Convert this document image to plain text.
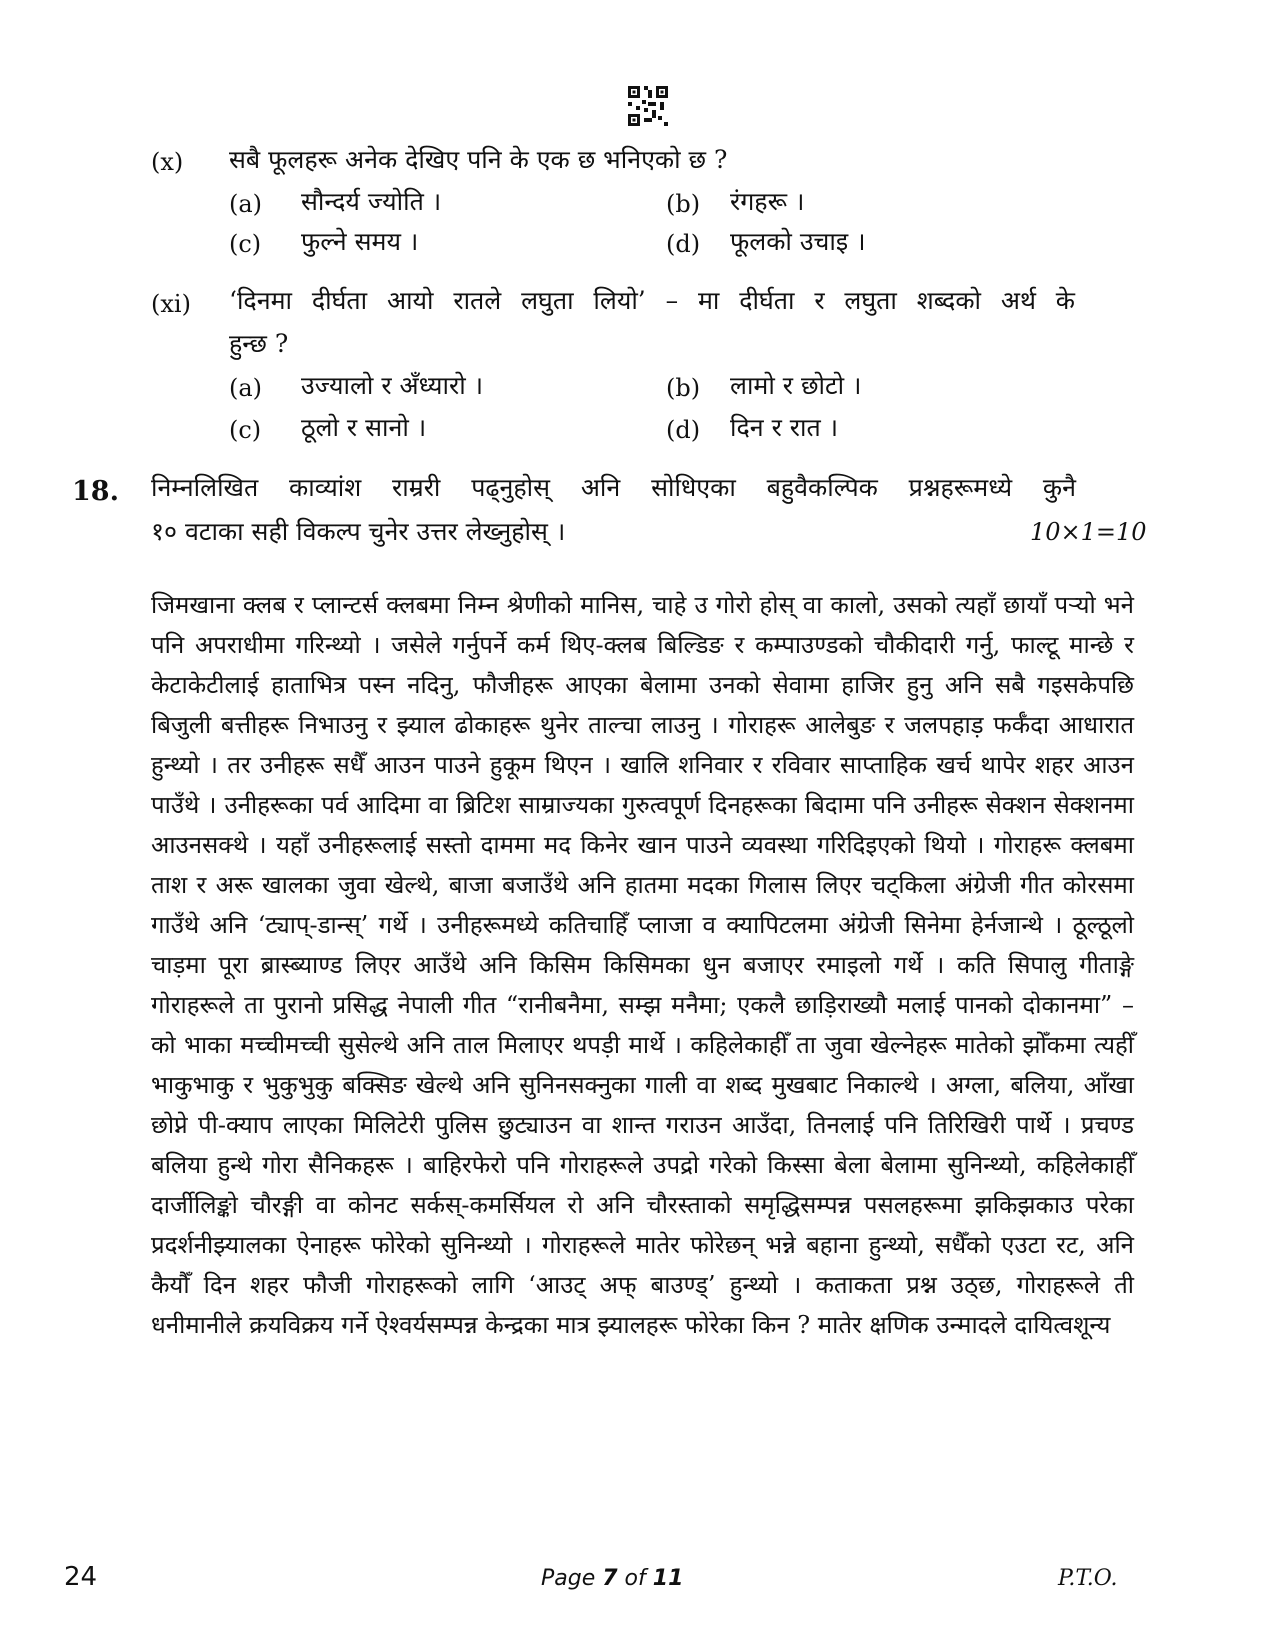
(x) सबै फूलहरू अनेक देखिए पनि के एक छ भनिएको छ ?
(a) सौन्दर्य ज्योति ।	(b) रंगहरू ।
(c) फुल्ने समय ।	(d) फूलको उचाइ ।
(xi) ‘दिनमा दीर्घता आयो रातले लघुता लियो’ – मा दीर्घता र लघुता शब्दको अर्थ के
हुन्छ ?
(a) उज्यालो र अँध्यारो ।	(b) लामो र छोटो ।
(c) ठूलो र सानो ।	(d) दिन र रात ।
18. निम्नलिखित काव्यांश राम्ररी पढ्नुहोस् अनि सोधिएका बहुवैकल्पिक प्रश्नहरूमध्ये कुनै
१० वटाका सही विकल्प चुनेर उत्तर लेख्नुहोस् ।	10×1=10

जिमखाना क्लब र प्लान्टर्स क्लबमा निम्न श्रेणीको मानिस, चाहे उ गोरो होस् वा कालो, उसको त्यहाँ छायाँ पऱ्यो भने पनि अपराधीमा गरिन्थ्यो । जसेले गर्नुपर्ने कर्म थिए-क्लब बिल्डिङ र कम्पाउण्डको चौकीदारी गर्नु, फाल्टू मान्छे र केटाकेटीलाई हाताभित्र पस्न नदिनु, फौजीहरू आएका बेलामा उनको सेवामा हाजिर हुनु अनि सबै गइसकेपछि बिजुली बत्तीहरू निभाउनु र झ्याल ढोकाहरू थुनेर ताल्चा लाउनु । गोराहरू आलेबुङ र जलपहाड़ फर्कँदा आधारात हुन्थ्यो । तर उनीहरू सधैँ आउन पाउने हुकूम थिएन । खालि शनिवार र रविवार साप्ताहिक खर्च थापेर शहर आउन पाउँथे । उनीहरूका पर्व आदिमा वा ब्रिटिश साम्राज्यका गुरुत्वपूर्ण दिनहरूका बिदामा पनि उनीहरू सेक्शन सेक्शनमा आउनसक्थे । यहाँ उनीहरूलाई सस्तो दाममा मद किनेर खान पाउने व्यवस्था गरिदिइएको थियो । गोराहरू क्लबमा ताश र अरू खालका जुवा खेल्थे, बाजा बजाउँथे अनि हातमा मदका गिलास लिएर चट्किला अंग्रेजी गीत कोरसमा गाउँथे अनि ‘ट्याप्-डान्स्’ गर्थे । उनीहरूमध्ये कतिचाहिँ प्लाजा व क्यापिटलमा अंग्रेजी सिनेमा हेर्नजान्थे । ठूल्ठूलो चाड़मा पूरा ब्रास्ब्याण्ड लिएर आउँथे अनि किसिम किसिमका धुन बजाएर रमाइलो गर्थे । कति सिपालु गीताङ्गे गोराहरूले ता पुरानो प्रसिद्ध नेपाली गीत “रानीबनैमा, सम्झ मनैमा; एकलै छाड़िराख्यौ मलाई पानको दोकानमा” – को भाका मच्चीमच्ची सुसेल्थे अनि ताल मिलाएर थपड़ी मार्थे । कहिलेकाहीँ ता जुवा खेल्नेहरू मातेको झोँकमा त्यहीँ भाकुभाकु र भुकुभुकु बक्सिङ खेल्थे अनि सुनिनसक्नुका गाली वा शब्द मुखबाट निकाल्थे । अग्ला, बलिया, आँखा छोप्ने पी-क्याप लाएका मिलिटेरी पुलिस छुट्याउन वा शान्त गराउन आउँदा, तिनलाई पनि तिरिखिरी पार्थे । प्रचण्ड बलिया हुन्थे गोरा सैनिकहरू । बाहिरफेरो पनि गोराहरूले उपद्रो गरेको किस्सा बेला बेलामा सुनिन्थ्यो, कहिलेकाहीँ दार्जीलिङ्को चौरङ्गी वा कोनट सर्कस्-कमर्सियल रो अनि चौरस्ताको समृद्धिसम्पन्न पसलहरूमा झकिझकाउ परेका प्रदर्शनीझ्यालका ऐनाहरू फोरेको सुनिन्थ्यो । गोराहरूले मातेर फोरेछन् भन्ने बहाना हुन्थ्यो, सधैँको एउटा रट, अनि कैयौँ दिन शहर फौजी गोराहरूको लागि ‘आउट् अफ् बाउण्ड्’ हुन्थ्यो । कताकता प्रश्न उठ्छ, गोराहरूले ती धनीमानीले क्रयविक्रय गर्ने ऐश्वर्यसम्पन्न केन्द्रका मात्र झ्यालहरू फोरेका किन ? मातेर क्षणिक उन्मादले दायित्वशून्य

24	Page 7 of 11	P.T.O.
